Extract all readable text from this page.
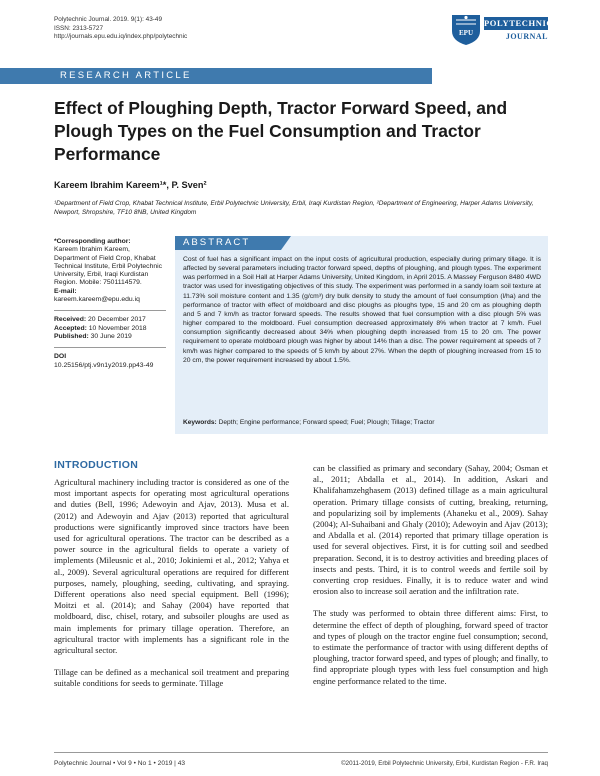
Polytechnic Journal. 2019. 9(1): 43-49
ISSN: 2313-5727
http://journals.epu.edu.iq/index.php/polytechnic	EPU
POLYTECHNIC
JOURNAL
RESEARCH ARTICLE
Effect of Ploughing Depth, Tractor Forward Speed, and Plough Types on the Fuel Consumption and Tractor Performance
Kareem Ibrahim Kareem¹*, P. Sven²
¹Department of Field Crop, Khabat Technical Institute, Erbil Polytechnic University, Erbil, Iraqi Kurdistan Region, ²Department of Engineering, Harper Adams University, Newport, Shropshire, TF10 8NB, United Kingdom
*Corresponding author:
Kareem Ibrahim Kareem, Department of Field Crop, Khabat Technical Institute, Erbil Polytechnic University, Erbil, Iraqi Kurdistan Region. Mobile: 7501114579.
E-mail:
kareem.kareem@epu.edu.iq
Received: 20 December 2017
Accepted: 10 November 2018
Published: 30 June 2019
DOI
10.25156/ptj.v9n1y2019.pp43-49
ABSTRACT
Cost of fuel has a significant impact on the input costs of agricultural production, especially during primary tillage. It is affected by several parameters including tractor forward speed, depths of ploughing, and plough types. The experiment was performed in a Soil Hall at Harper Adams University, United Kingdom, in April 2015. A Massey Ferguson 8480 4WD tractor was used for investigating objectives of this study. The experiment was performed in a sandy loam soil texture at 11.73% soil moisture content and 1.35 (g/cm³) dry bulk density to study the amount of fuel consumption (l/ha) and the performance of tractor with effect of moldboard and disc ploughs as ploughs type, 15 and 20 cm as ploughing depth and 5 and 7 km/h as tractor forward speeds. The results showed that fuel consumption with a disc plough 5% was higher compared to the moldboard. Fuel consumption decreased approximately 8% when tractor at 7 km/h. Fuel consumption significantly decreased about 34% when ploughing depth increased from 15 to 20 cm. The power requirement to operate moldboard plough was higher by about 14% than a disc. The power requirement at speeds of 7 km/h was higher compared to the speeds of 5 km/h by about 27%. When the depth of ploughing increased from 15 to 20 cm, the power requirement increased by about 1.5%.
Keywords: Depth; Engine performance; Forward speed; Fuel; Plough; Tillage; Tractor
INTRODUCTION

Agricultural machinery including tractor is considered as one of the most important aspects for operating most agricultural operations and duties (Bell, 1996; Adewoyin and Ajav, 2013). Musa et al. (2012) and Adewoyin and Ajav (2013) reported that agricultural productions were significantly improved since tractors have been used for agricultural operations. The tractor can be described as a power source in the agricultural fields to operate a variety of implements (Mileusnic et al., 2010; Jokiniemi et al., 2012; Yahya et al., 2009). Several agricultural operations are required for different purposes, namely, ploughing, seeding, cultivating, and spraying. Different operations also need special equipment. Bell (1996); Moitzi et al. (2014); and Sahay (2004) have reported that moldboard, disc, chisel, rotary, and subsoiler ploughs are used as main implements for primary tillage operation. Therefore, an agricultural tractor with implements has a significant role in the agricultural sector.

Tillage can be defined as a mechanical soil treatment and preparing suitable conditions for seeds to germinate. Tillage

can be classified as primary and secondary (Sahay, 2004; Osman et al., 2011; Abdalla et al., 2014). In addition, Askari and Khalifahamzehghasem (2013) defined tillage as a main agricultural operation. Primary tillage consists of cutting, breaking, returning, and popularizing soil by implements (Ahaneku et al., 2009). Sahay (2004); Al-Suhaibani and Ghaly (2010); Adewoyin and Ajav (2013); and Abdalla et al. (2014) reported that primary tillage operation is used for several objectives. First, it is for cutting soil and seedbed preparation. Second, it is to destroy activities and breeding places of insects and pests. Third, it is to control weeds and fertile soil by converting crop residues. Finally, it is to reduce water and wind erosion also to increase soil aeration and the infiltration rate.

The study was performed to obtain three different aims: First, to determine the effect of depth of ploughing, forward speed of tractor and types of plough on the tractor engine fuel consumption; second, to estimate the performance of tractor with using different depths of ploughing, tractor forward speed, and types of plough; and finally, to find appropriate plough types with less fuel consumption and high engine performance related to the time.

Polytechnic Journal • Vol 9 • No 1 • 2019 | 43	©2011-2019, Erbil Polytechnic University, Erbil, Kurdistan Region - F.R. Iraq
